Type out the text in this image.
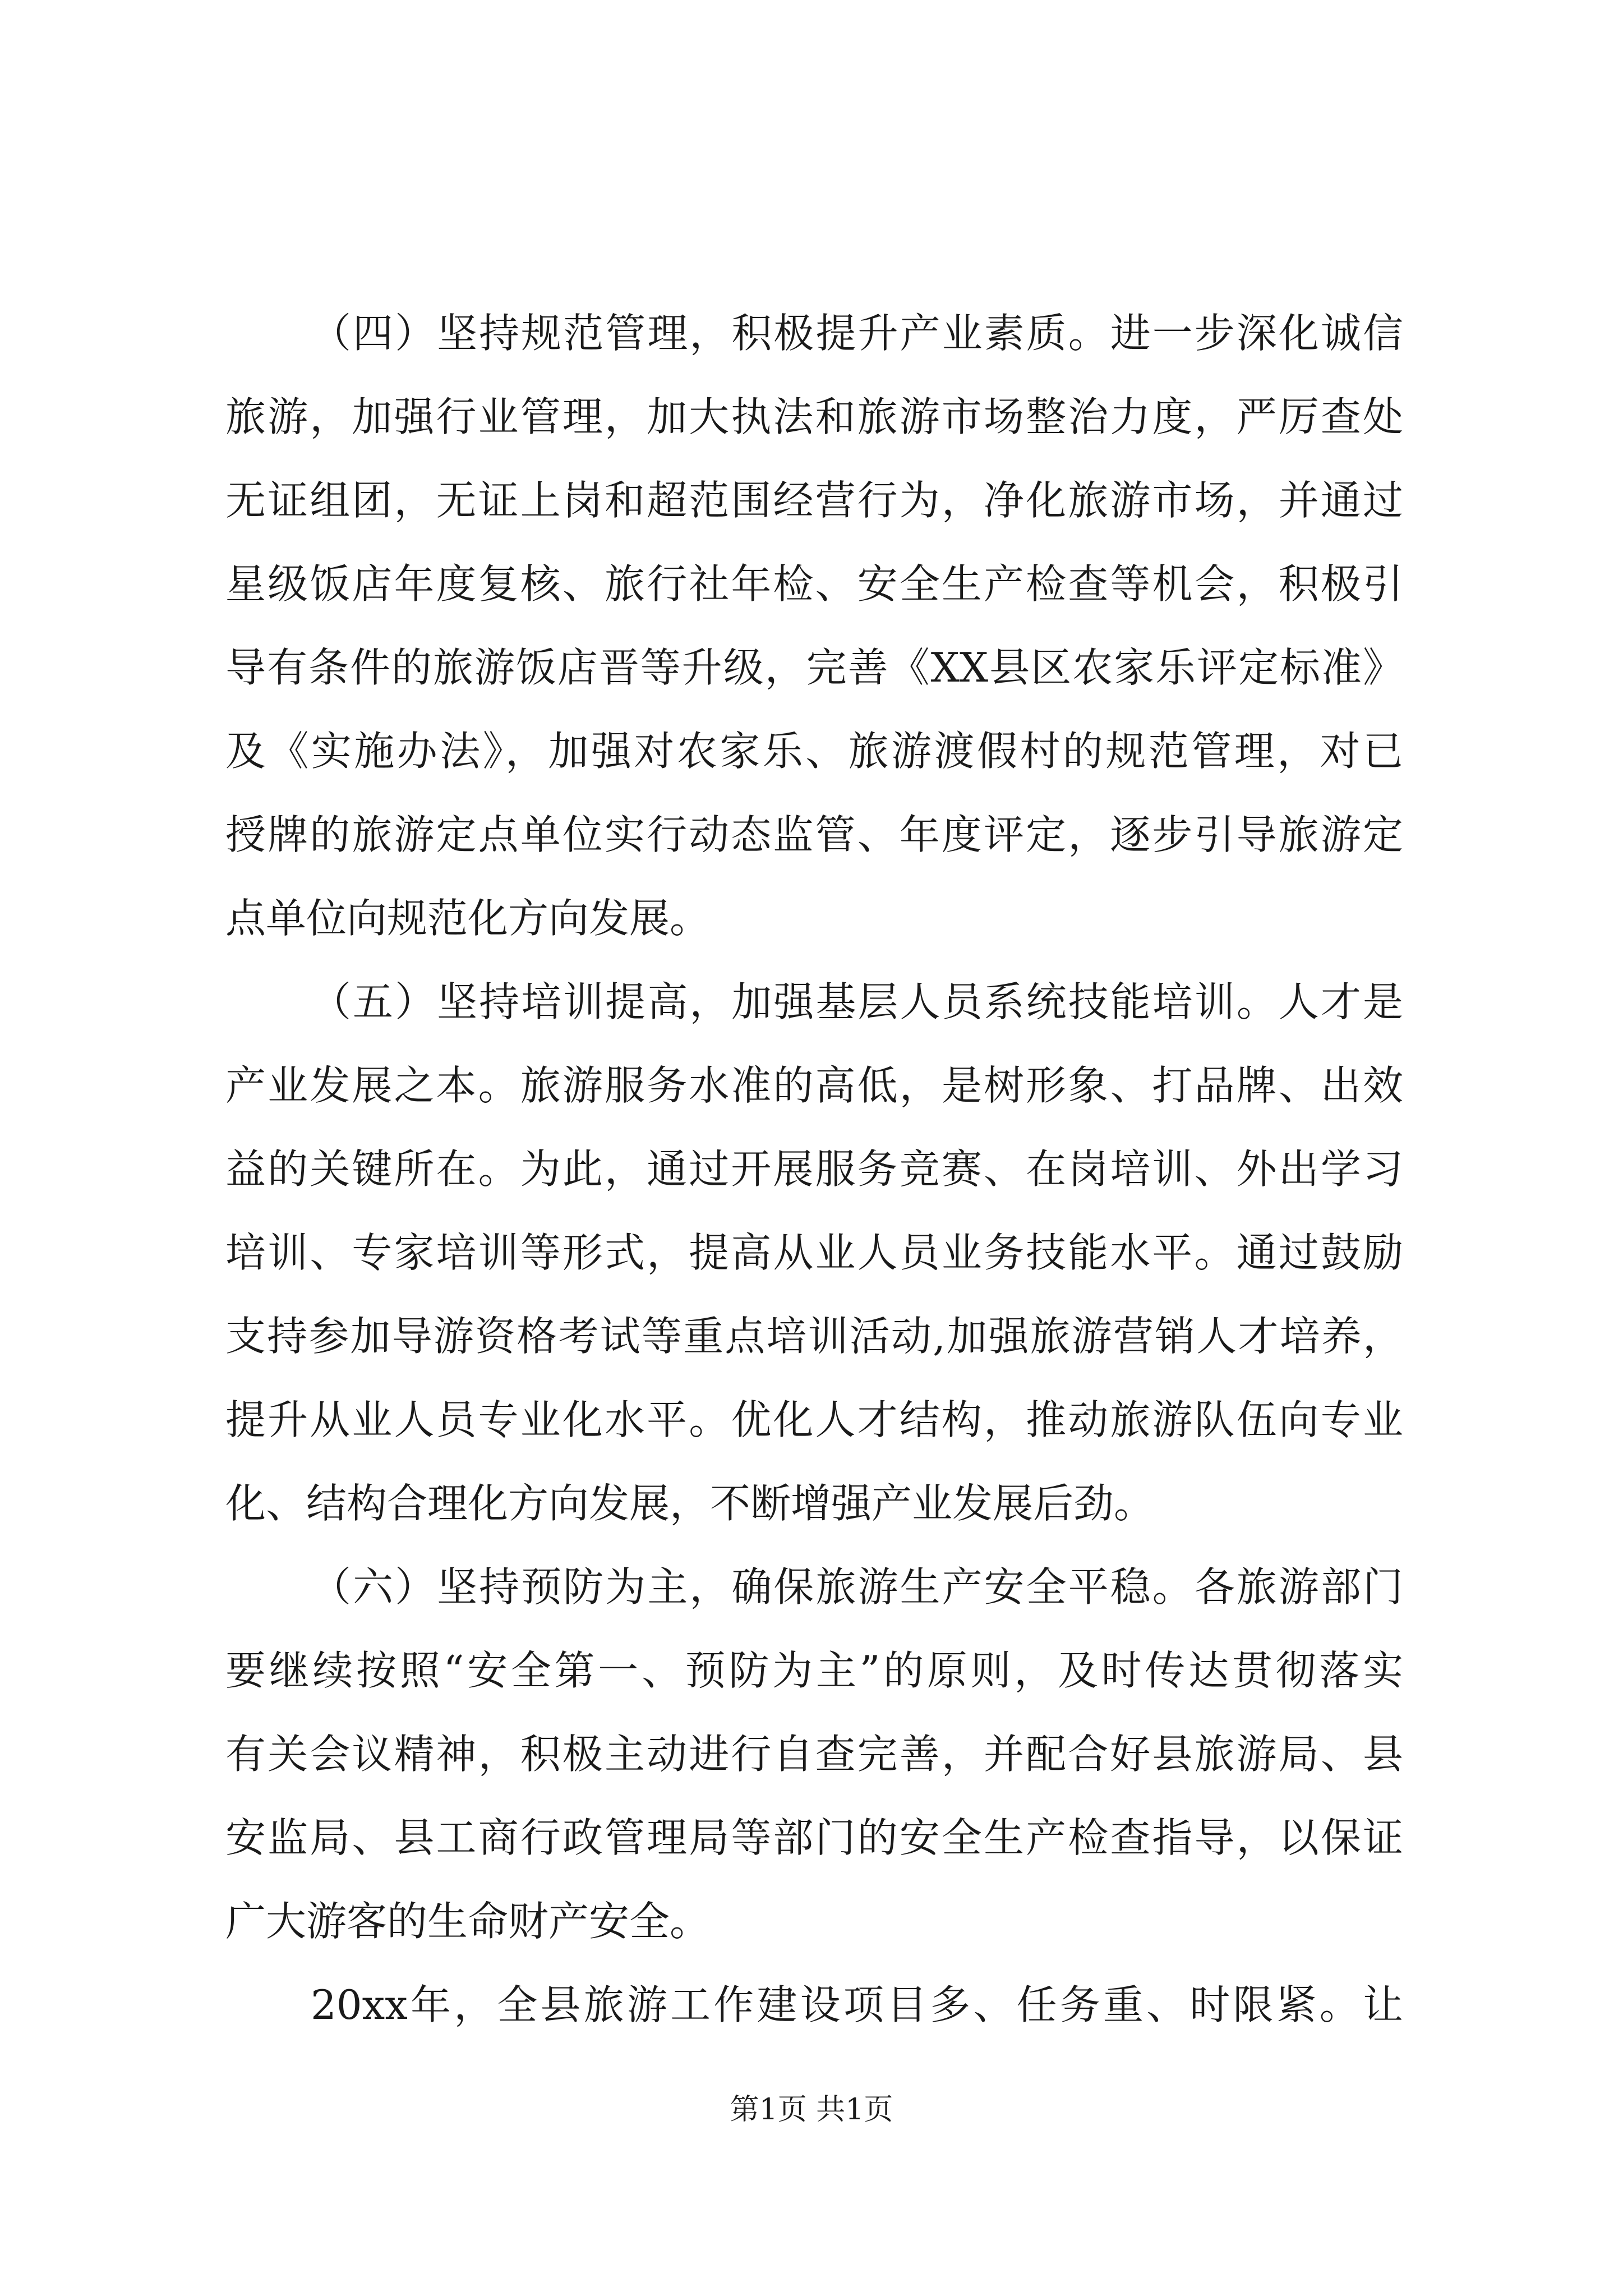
（四）坚持规范管理，积极提升产业素质。进一步深化诚信
旅游，加强行业管理，加大执法和旅游市场整治力度，严厉查处
无证组团，无证上岗和超范围经营行为，净化旅游市场，并通过
星级饭店年度复核、旅行社年检、安全生产检查等机会，积极引
导有条件的旅游饭店晋等升级，完善《XX县区农家乐评定标准》
及《实施办法》，加强对农家乐、旅游渡假村的规范管理，对已
授牌的旅游定点单位实行动态监管、年度评定，逐步引导旅游定
点单位向规范化方向发展。
（五）坚持培训提高，加强基层人员系统技能培训。人才是
产业发展之本。旅游服务水准的高低，是树形象、打品牌、出效
益的关键所在。为此，通过开展服务竞赛、在岗培训、外出学习
培训、专家培训等形式，提高从业人员业务技能水平。通过鼓励
支持参加导游资格考试等重点培训活动,加强旅游营销人才培养，
提升从业人员专业化水平。优化人才结构，推动旅游队伍向专业
化、结构合理化方向发展，不断增强产业发展后劲。
（六）坚持预防为主，确保旅游生产安全平稳。各旅游部门
要继续按照“安全第一、预防为主”的原则，及时传达贯彻落实
有关会议精神，积极主动进行自查完善，并配合好县旅游局、县
安监局、县工商行政管理局等部门的安全生产检查指导，以保证
广大游客的生命财产安全。
20xx年，全县旅游工作建设项目多、任务重、时限紧。让
第1页 共1页
